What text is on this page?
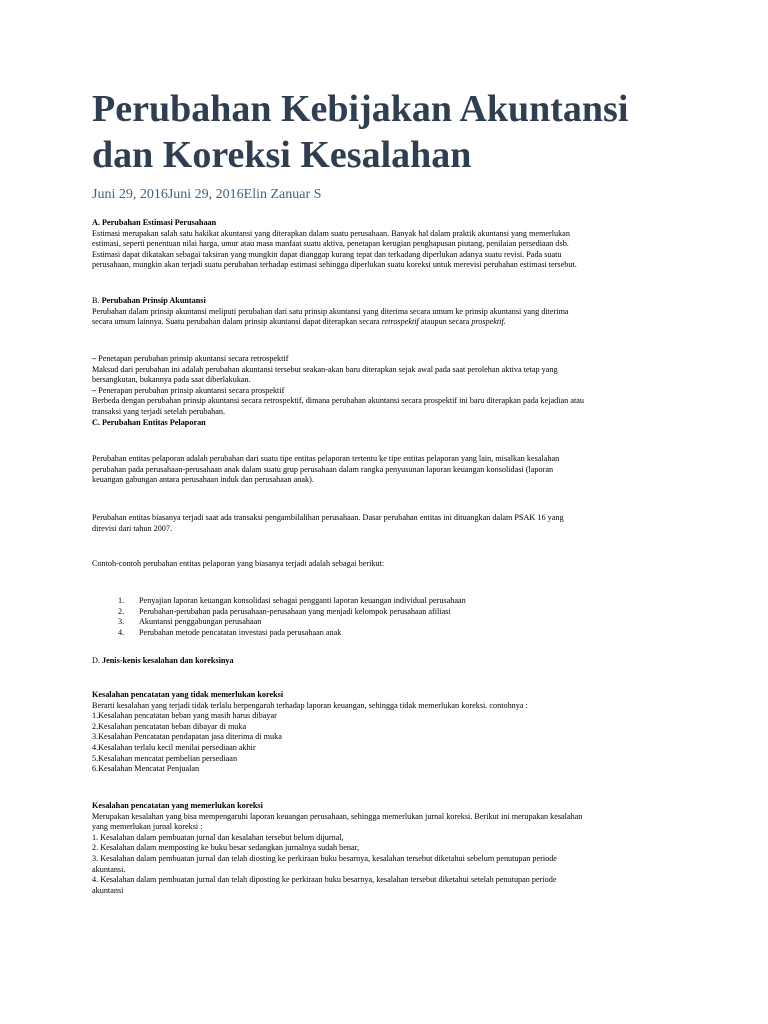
Perubahan Kebijakan Akuntansi
dan Koreksi Kesalahan
Juni 29, 2016Juni 29, 2016Elin Zanuar S

A. Perubahan Estimasi Perusahaan

Estimasi merupakan salah satu hakikat akuntansi yang diterapkan dalam suatu perusahaan. Banyak hal dalam praktik akuntansi yang memerlukan

estimasi, seperti penentuan nilai harga, umur atau masa manfaat suatu aktiva, penetapan kerugian penghapusan piutang, penilaian persediaan dsb.

Estimasi dapat dikatakan sebagai taksiran yang mungkin dapat dianggap kurang tepat dan terkadang diperlukan adanya suatu revisi. Pada suatu

perusahaan, mungkin akan terjadi suatu perubahan terhadap estimasi sehingga diperlukan suatu koreksi untuk merevisi perubahan estimasi tersebut.

B. Perubahan Prinsip Akuntansi

Perubahan dalam prinsip akuntansi meliputi perubahan dari satu prinsip akuntansi yang diterima secara umum ke prinsip akuntansi yang diterima

secara umum lainnya. Suatu perubahan dalam prinsip akuntansi dapat diterapkan secara retrospektif ataupun secara prospektif.

– Penetapan perubahan prinsip akuntansi secara retrospektif

Maksud dari perubahan ini adalah perubahan akuntansi tersebut seakan-akan baru diterapkan sejak awal pada saat perolehan aktiva tetap yang

bersangkutan, bukannya pada saat diberlakukan.

– Penerapan perubahan prinsip akuntansi secara prospektif

Berbeda dengan perubahan prinsip akuntansi secara retrospektif, dimana perubahan akuntansi secara prospektif ini baru diterapkan pada kejadian atau

transaksi yang terjadi setelah perubahan.

C. Perubahan Entitas Pelaporan

Perubahan entitas pelaporan adalah perubahan dari suatu tipe entitas pelaporan tertentu ke tipe entitas pelaporan yang lain, misalkan kesalahan

perubahan pada perusahaan-perusahaan anak dalam suatu grup perusahaan dalam rangka penyusunan laporan keuangan konsolidasi (laporan

keuangan gabungan antara perusahaan induk dan perusahaan anak).

Perubahan entitas biasanya terjadi saat ada transaksi pengambilalihan perusahaan. Dasar perubahan entitas ini dituangkan dalam PSAK 16 yang

direvisi dari tahun 2007.

Contoh-contoh perubahan entitas pelaporan yang biasanya terjadi adalah sebagai berikut:

1.	Penyajian laporan keuangan konsolidasi sebagai pengganti laporan keuangan individual perusahaan
2.	Perubahan-perubahan pada perusahaan-perusahaan yang menjadi kelompok perusahaan afiliasi
3.	Akuntansi penggabungan perusahaan
4.	Perubahan metode pencatatan investasi pada perusahaan anak

D. Jenis-kenis kesalahan dan koreksinya

Kesalahan pencatatan yang tidak memerlukan koreksi

Berarti kesalahan yang terjadi tidak terlalu berpengaruh terhadap laporan keuangan, sehingga tidak memerlukan koreksi. contohnya :

1.Kesalahan pencatatan beban yang masih harus dibayar

2.Kesalahan pencatatan beban dibayar di muka

3.Kesalahan Pencatatan pendapatan jasa diterima di muka

4.Kesalahan terlalu kecil menilai persediaan akhir

5.Kesalahan mencatat pembelian persediaan

6.Kesalahan Mencatat Penjualan

Kesalahan pencatatan yang memerlukan koreksi

Merupakan kesalahan yang bisa mempengaruhi laporan keuangan perusahaan, sehingga memerlukan jurnal koreksi. Berikut ini merupakan kesalahan

yang memerlukan jurnal koreksi :

1. Kesalahan dalam pembuatan jurnal dan kesalahan tersebut belum dijurnal,

2. Kesalahan dalam memposting ke buku besar sedangkan jurnalnya sudah benar,

3. Kesalahan dalam pembuatan jurnal dan telah diosting ke perkiraan buku besarnya, kesalahan tersebut diketahui sebelum penutupan periode

akuntansi.

4. Kesalahan dalam pembuatan jurnal dan telah diposting ke perkiraan buku besarnya, kesalahan tersebut diketahui setelah penutupan periode

akuntansi
